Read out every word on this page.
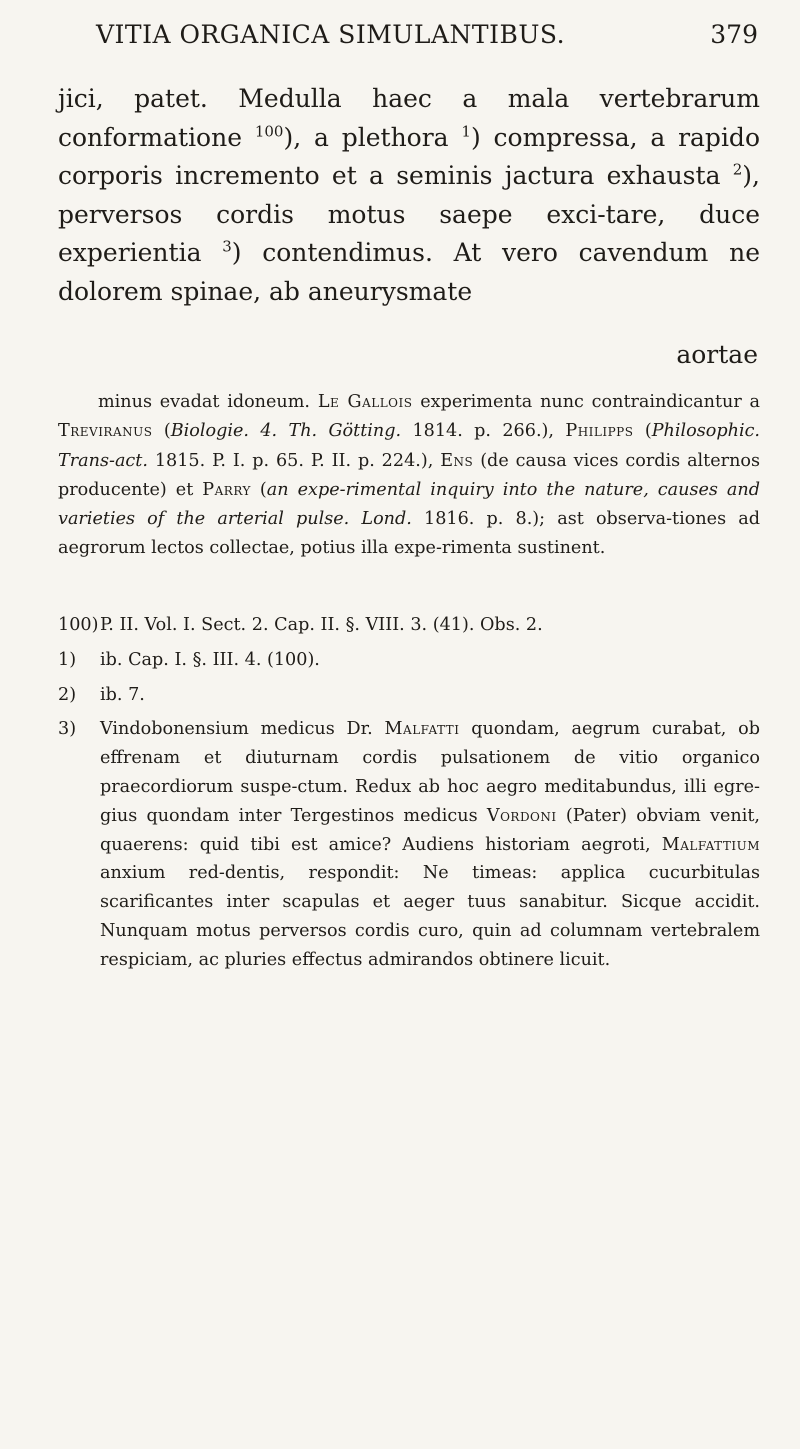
VITIA ORGANICA SIMULANTIBUS.	379

jici, patet. Medulla haec a mala vertebrarum conformatione $^{100}$), a plethora $^1$) compressa, a rapido corporis incremento et a seminis jactura exhausta $^2$), perversos cordis motus saepe exci-tare, duce experientia $^3$) contendimus. At vero cavendum ne dolorem spinae, ab aneurysmate

aortae

minus evadat idoneum. Le Gallois experimenta nunc contraindicantur a Treviranus (Biologie. 4. Th. Götting. 1814. p. 266.), Philipps (Philosophic. Trans-act. 1815. P. I. p. 65. P. II. p. 224.), Ens (de causa vices cordis alternos producente) et Parry (an expe-rimental inquiry into the nature, causes and varieties of the arterial pulse. Lond. 1816. p. 8.); ast observa-tiones ad aegrorum lectos collectae, potius illa expe-rimenta sustinent.

100) P. II. Vol. I. Sect. 2. Cap. II. §. VIII. 3. (41). Obs. 2.
1)	ib. Cap. I. §. III. 4. (100).
2)	ib. 7.
3)	Vindobonensium medicus Dr. Malfatti quondam, aegrum curabat, ob effrenam et diuturnam cordis pulsationem de vitio organico praecordiorum suspe-ctum. Redux ab hoc aegro meditabundus, illi egre-gius quondam inter Tergestinos medicus Vordoni (Pater) obviam venit, quaerens: quid tibi est amice? Audiens historiam aegroti, Malfattium anxium red-dentis, respondit: Ne timeas: applica cucurbitulas scarificantes inter scapulas et aeger tuus sanabitur. Sicque accidit. Nunquam motus perversos cordis curo, quin ad columnam vertebralem respiciam, ac pluries effectus admirandos obtinere licuit.
